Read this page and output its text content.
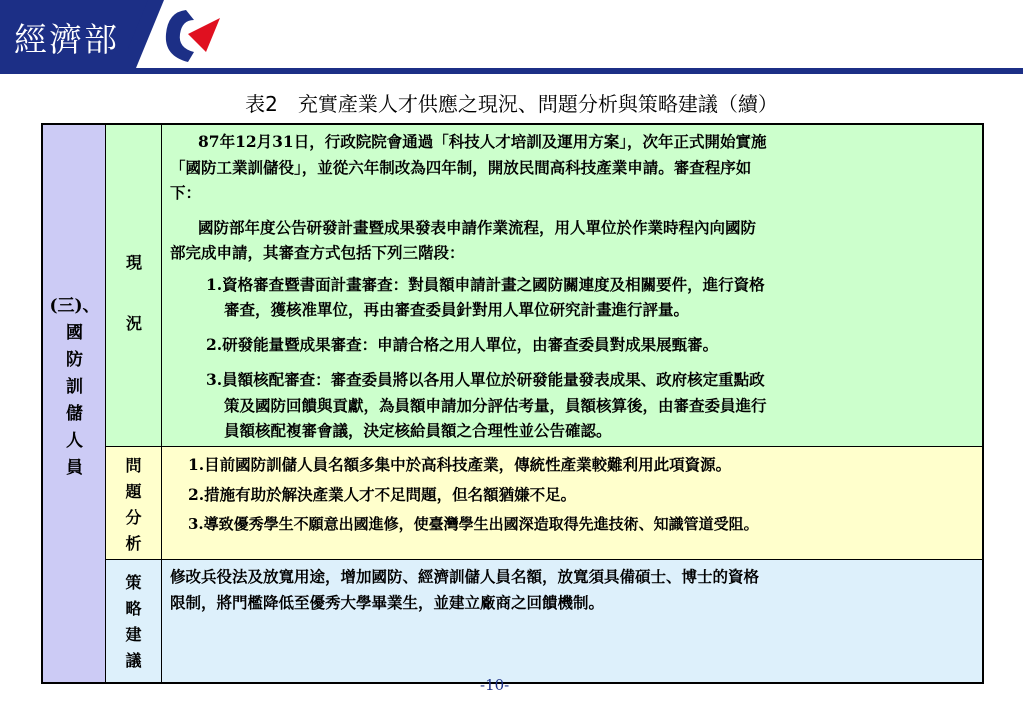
經濟部
表2　充實產業人才供應之現況、問題分析與策略建議（續）
(三)、
國
防
訓
儲
人
員
現
況
87年12月31日，行政院院會通過「科技人才培訓及運用方案」，次年正式開始實施
「國防工業訓儲役」，並從六年制改為四年制，開放民間高科技產業申請。審查程序如
下：
國防部年度公告研發計畫暨成果發表申請作業流程，用人單位於作業時程內向國防
部完成申請，其審查方式包括下列三階段：
1.資格審查暨書面計畫審查：對員額申請計畫之國防關連度及相關要件，進行資格
審查，獲核准單位，再由審查委員針對用人單位研究計畫進行評量。
2.研發能量暨成果審查：申請合格之用人單位，由審查委員對成果展甄審。
3.員額核配審查：審查委員將以各用人單位於研發能量發表成果、政府核定重點政
策及國防回饋與貢獻，為員額申請加分評估考量，員額核算後，由審查委員進行
員額核配複審會議，決定核給員額之合理性並公告確認。
問
題
分
析
1.目前國防訓儲人員名額多集中於高科技產業，傳統性產業較難利用此項資源。
2.措施有助於解決產業人才不足問題，但名額猶嫌不足。
3.導致優秀學生不願意出國進修，使臺灣學生出國深造取得先進技術、知識管道受阻。
策
略
建
議
修改兵役法及放寬用途，增加國防、經濟訓儲人員名額，放寬須具備碩士、博士的資格
限制，將門檻降低至優秀大學畢業生，並建立廠商之回饋機制。
-10-
